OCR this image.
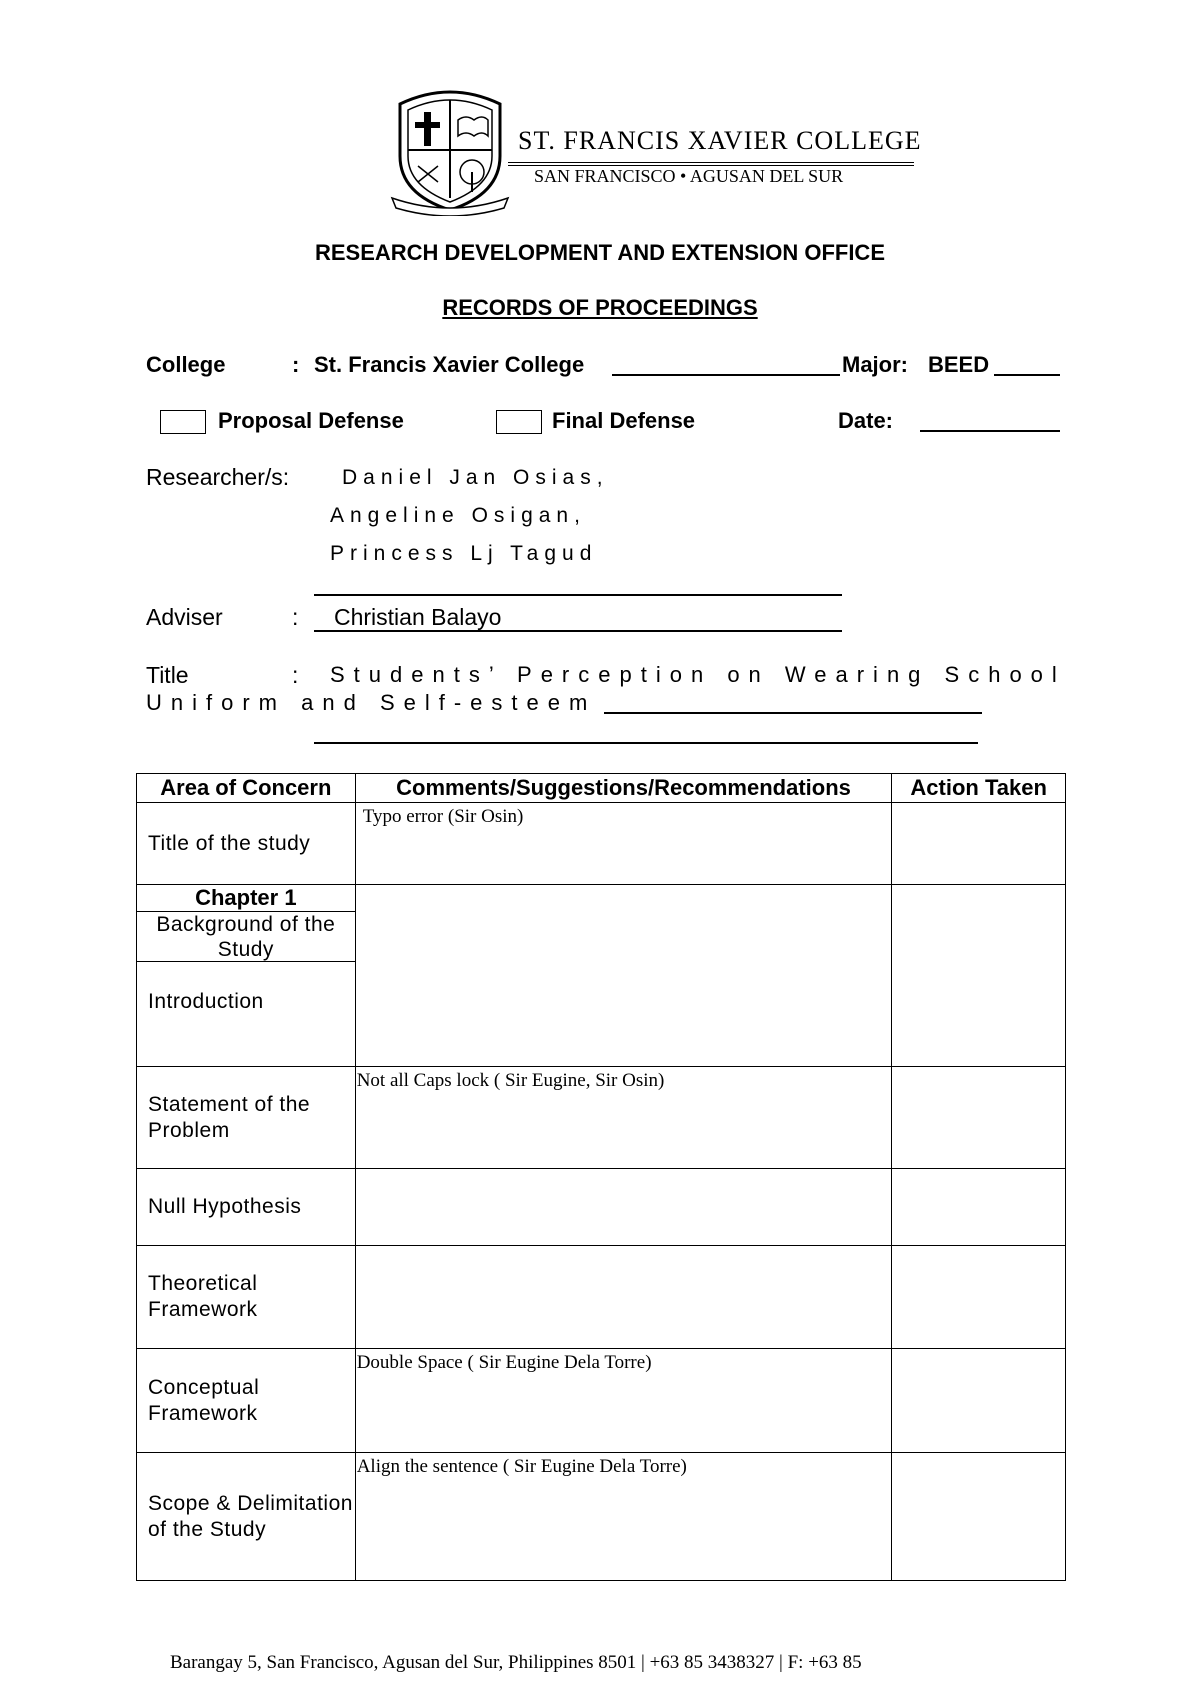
ST. FRANCIS XAVIER COLLEGE
SAN FRANCISCO • AGUSAN DEL SUR
RESEARCH DEVELOPMENT AND EXTENSION OFFICE
RECORDS OF PROCEEDINGS
College	: St. Francis Xavier College	Major: BEED
Proposal Defense	Final Defense	Date:
Researcher/s:	Daniel Jan Osias,
Angeline Osigan,
Princess Lj Tagud
Adviser	: Christian Balayo
Title	: Students’ Perception on Wearing School
Uniform and Self-esteem
Area of Concern	Comments/Suggestions/Recommendations	Action Taken
Title of the study	Typo error (Sir Osin)	

Chapter 1
Background of the Study
Introduction		

Statement of the Problem	Not all Caps lock ( Sir Eugine, Sir Osin)	

Null Hypothesis		
Theoretical Framework		
Conceptual Framework	Double Space ( Sir Eugine Dela Torre)	

Scope & Delimitation of the Study	Align the sentence ( Sir Eugine Dela Torre)	

Barangay 5, San Francisco, Agusan del Sur, Philippines 8501 | +63 85 3438327 | F: +63 85
